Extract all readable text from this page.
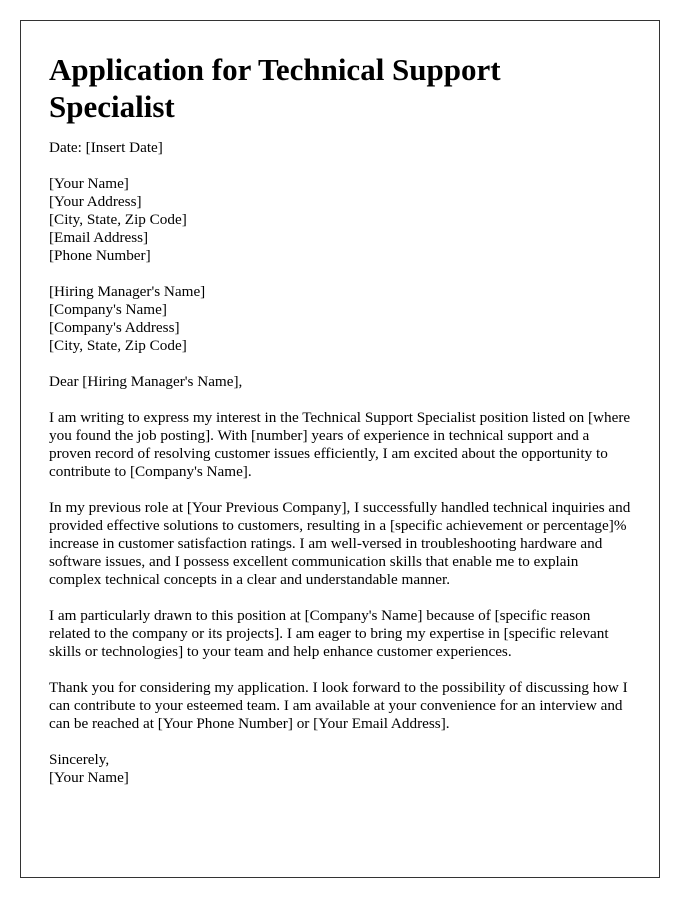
Application for Technical Support Specialist

Date: [Insert Date]

[Your Name]
[Your Address]
[City, State, Zip Code]
[Email Address]
[Phone Number]

[Hiring Manager's Name]
[Company's Name]
[Company's Address]
[City, State, Zip Code]

Dear [Hiring Manager's Name],

I am writing to express my interest in the Technical Support Specialist position listed on [where you found the job posting]. With [number] years of experience in technical support and a proven record of resolving customer issues efficiently, I am excited about the opportunity to contribute to [Company's Name].

In my previous role at [Your Previous Company], I successfully handled technical inquiries and provided effective solutions to customers, resulting in a [specific achievement or percentage]% increase in customer satisfaction ratings. I am well-versed in troubleshooting hardware and software issues, and I possess excellent communication skills that enable me to explain complex technical concepts in a clear and understandable manner.

I am particularly drawn to this position at [Company's Name] because of [specific reason related to the company or its projects]. I am eager to bring my expertise in [specific relevant skills or technologies] to your team and help enhance customer experiences.

Thank you for considering my application. I look forward to the possibility of discussing how I can contribute to your esteemed team. I am available at your convenience for an interview and can be reached at [Your Phone Number] or [Your Email Address].

Sincerely,
[Your Name]
